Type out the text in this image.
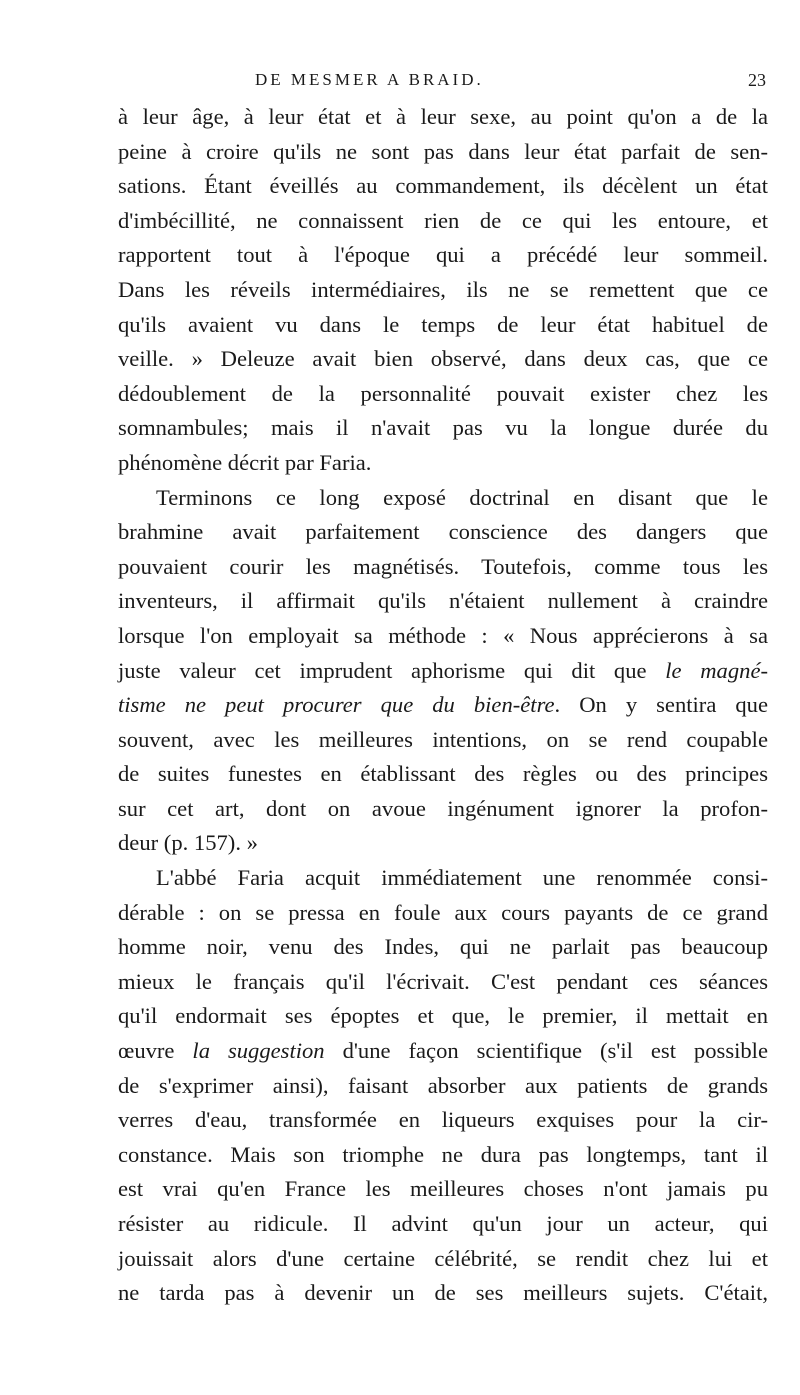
DE MESMER A BRAID.	23
à leur âge, à leur état et à leur sexe, au point qu'on a de la
peine à croire qu'ils ne sont pas dans leur état parfait de sen-
sations. Étant éveillés au commandement, ils décèlent un état
d'imbécillité, ne connaissent rien de ce qui les entoure, et
rapportent tout à l'époque qui a précédé leur sommeil.
Dans les réveils intermédiaires, ils ne se remettent que ce
qu'ils avaient vu dans le temps de leur état habituel de
veille. » Deleuze avait bien observé, dans deux cas, que ce
dédoublement de la personnalité pouvait exister chez les
somnambules; mais il n'avait pas vu la longue durée du
phénomène décrit par Faria.
Terminons ce long exposé doctrinal en disant que le
brahmine avait parfaitement conscience des dangers que
pouvaient courir les magnétisés. Toutefois, comme tous les
inventeurs, il affirmait qu'ils n'étaient nullement à craindre
lorsque l'on employait sa méthode : « Nous apprécierons à sa
juste valeur cet imprudent aphorisme qui dit que le magné-
tisme ne peut procurer que du bien-être. On y sentira que
souvent, avec les meilleures intentions, on se rend coupable
de suites funestes en établissant des règles ou des principes
sur cet art, dont on avoue ingénument ignorer la profon-
deur (p. 157). »
L'abbé Faria acquit immédiatement une renommée consi-
dérable : on se pressa en foule aux cours payants de ce grand
homme noir, venu des Indes, qui ne parlait pas beaucoup
mieux le français qu'il l'écrivait. C'est pendant ces séances
qu'il endormait ses époptes et que, le premier, il mettait en
œuvre la suggestion d'une façon scientifique (s'il est possible
de s'exprimer ainsi), faisant absorber aux patients de grands
verres d'eau, transformée en liqueurs exquises pour la cir-
constance. Mais son triomphe ne dura pas longtemps, tant il
est vrai qu'en France les meilleures choses n'ont jamais pu
résister au ridicule. Il advint qu'un jour un acteur, qui
jouissait alors d'une certaine célébrité, se rendit chez lui et
ne tarda pas à devenir un de ses meilleurs sujets. C'était,
